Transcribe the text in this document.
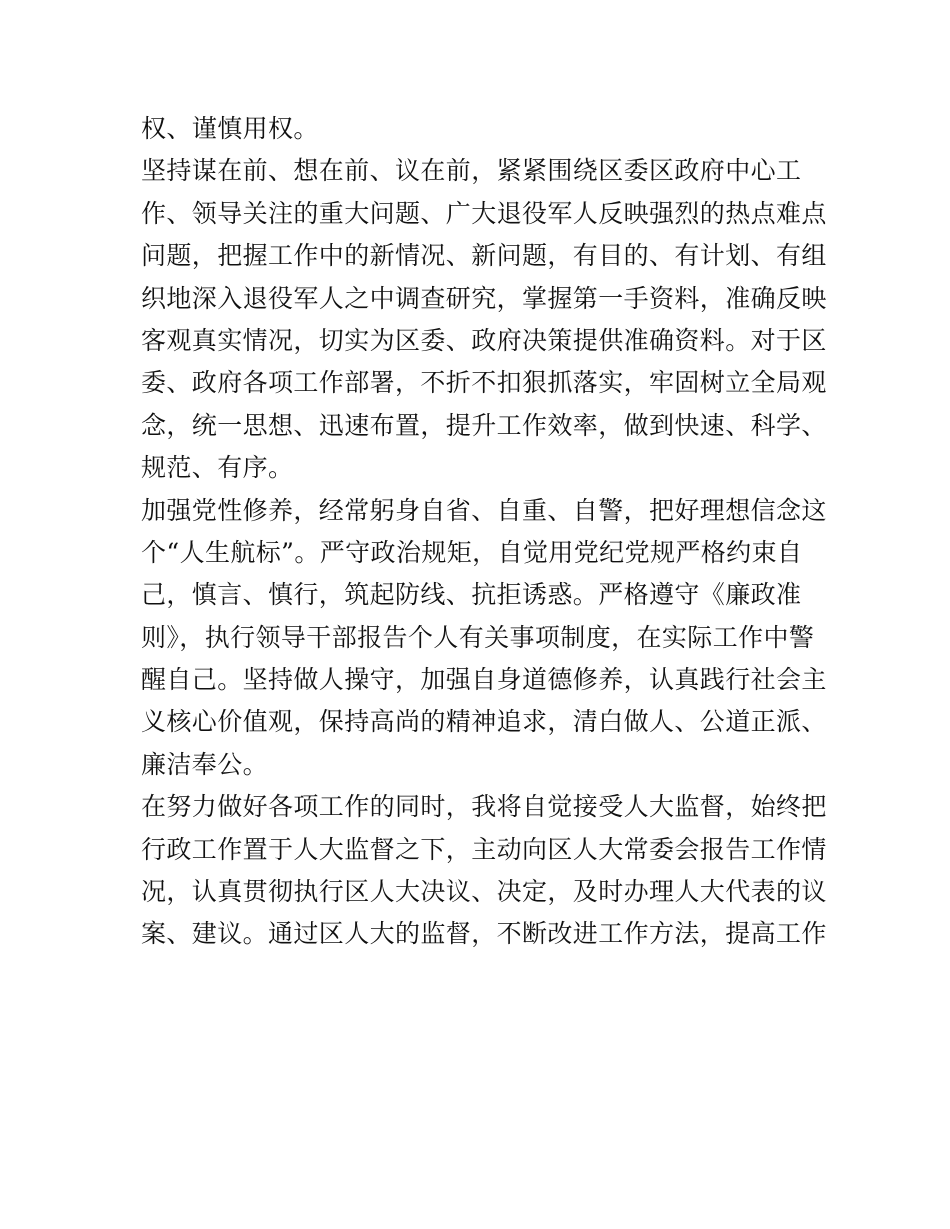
权、谨慎用权。
坚持谋在前、想在前、议在前，紧紧围绕区委区政府中心工
作、领导关注的重大问题、广大退役军人反映强烈的热点难点
问题，把握工作中的新情况、新问题，有目的、有计划、有组
织地深入退役军人之中调查研究，掌握第一手资料，准确反映
客观真实情况，切实为区委、政府决策提供准确资料。对于区
委、政府各项工作部署，不折不扣狠抓落实，牢固树立全局观
念，统一思想、迅速布置，提升工作效率，做到快速、科学、
规范、有序。
加强党性修养，经常躬身自省、自重、自警，把好理想信念这
个“人生航标”。严守政治规矩，自觉用党纪党规严格约束自
己，慎言、慎行，筑起防线、抗拒诱惑。严格遵守《廉政准
则》，执行领导干部报告个人有关事项制度，在实际工作中警
醒自己。坚持做人操守，加强自身道德修养，认真践行社会主
义核心价值观，保持高尚的精神追求，清白做人、公道正派、
廉洁奉公。
在努力做好各项工作的同时，我将自觉接受人大监督，始终把
行政工作置于人大监督之下，主动向区人大常委会报告工作情
况，认真贯彻执行区人大决议、决定，及时办理人大代表的议
案、建议。通过区人大的监督，不断改进工作方法，提高工作
